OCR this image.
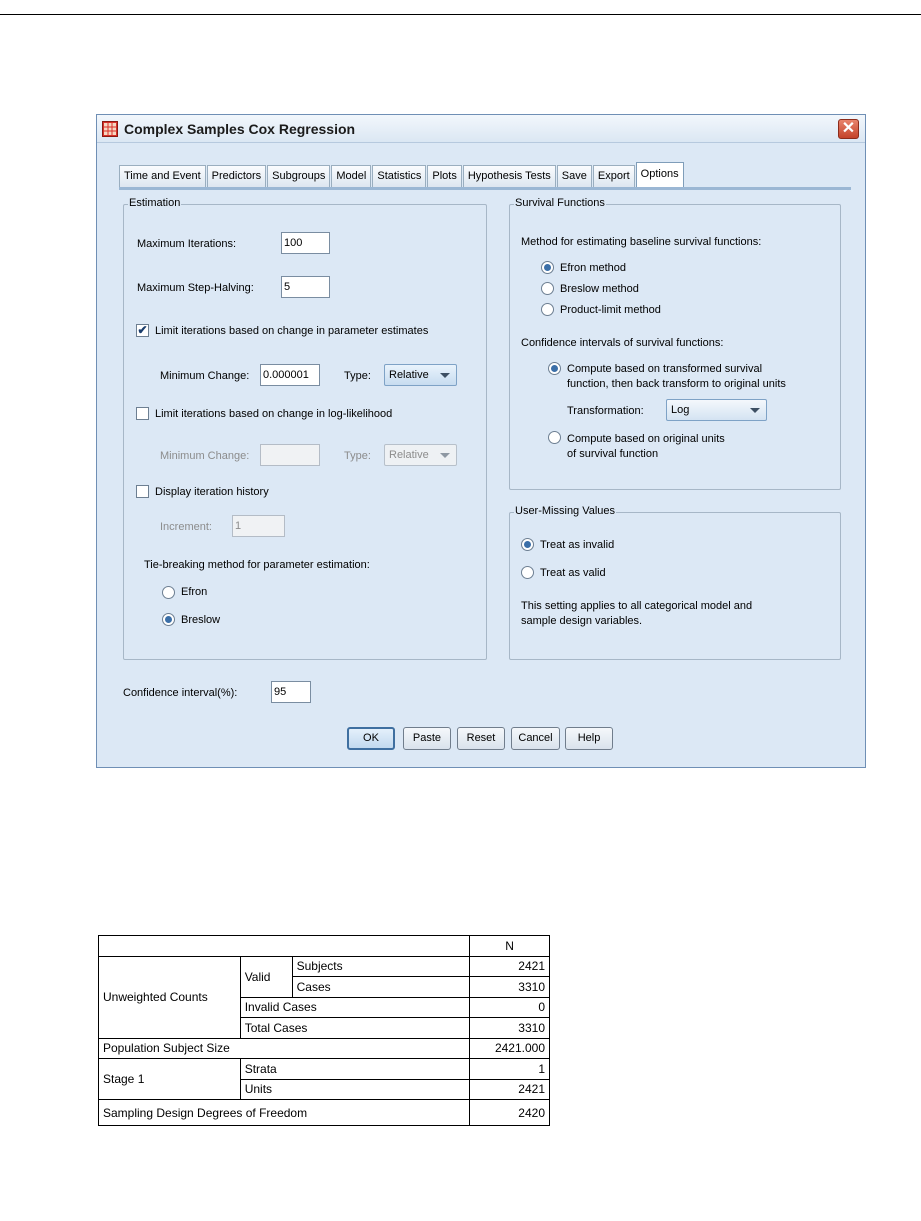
Complex Samples Cox Regression	✕
Time and Event	Predictors	Subgroups	Model	Statistics	Plots	Hypothesis Tests	Save	Export	Options
Estimation
Maximum Iterations:
100
Maximum Step-Halving:
5
✔ Limit iterations based on change in parameter estimates
Minimum Change:
0.000001	Type:	Relative
Limit iterations based on change in log-likelihood
Minimum Change:	Type:	Relative
Display iteration history
Increment:
1
Tie-breaking method for parameter estimation:
Efron
Breslow
Survival Functions
Method for estimating baseline survival functions:
Efron method
Breslow method
Product-limit method
Confidence intervals of survival functions:
Compute based on transformed survival
function, then back transform to original units
Transformation:	Log
Compute based on original units
of survival function
User-Missing Values
Treat as invalid
Treat as valid
This setting applies to all categorical model and
sample design variables.
Confidence interval(%):
95
OK	Paste	Reset	Cancel	Help
			N
Unweighted Counts	Valid	Subjects	2421
		Cases	3310
	Invalid Cases		0
	Total Cases		3310
Population Subject Size			2421.000
Stage 1	Strata		1
	Units		2421
Sampling Design Degrees of Freedom			2420
